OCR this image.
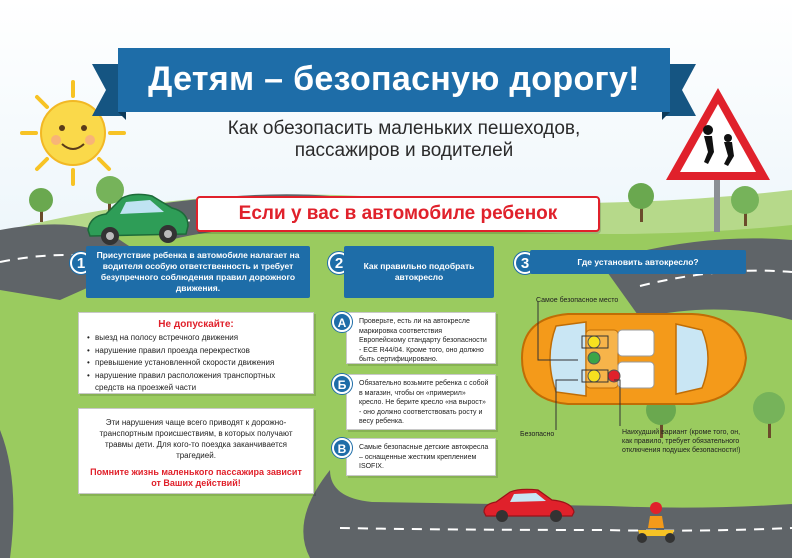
Детям – безопасную дорогу!
Как обезопасить маленьких пешеходов,
пассажиров и водителей
Если у вас в автомобиле ребенок
1	Присутствие ребенка в автомобиле налагает на водителя особую ответственность и требует безупречного соблюдения правил дорожного движения.
Не допускайте:
• выезд на полосу встречного движения
• нарушение правил проезда перекрестков
• превышение установленной скорости движения
• нарушение правил расположения транспортных средств на проезжей части
Эти нарушения чаще всего приводят к дорожно-транспортным происшествиям, в которых получают травмы дети. Для кого-то поездка заканчивается трагедией.
Помните жизнь маленького пассажира зависит от Ваших действий!
2	Как правильно подобрать автокресло
Проверьте, есть ли на автокресле маркировка соответствия Европейскому стандарту безопасности - ECE R44/04. Кроме того, оно должно быть сертифицировано.
А
Обязательно возьмите ребенка с собой в магазин, чтобы он «примерил» кресло. Не берите кресло «на вырост» - оно должно соответствовать росту и весу ребенка.
Б
Самые безопасные детские автокресла – оснащенные жестким креплением ISOFIX.
В
3	Где установить автокресло?
Самое безопасное место
Безопасно	Наихудший вариант (кроме того, он, как правило, требует обязательного отключения подушек безопасности!)
